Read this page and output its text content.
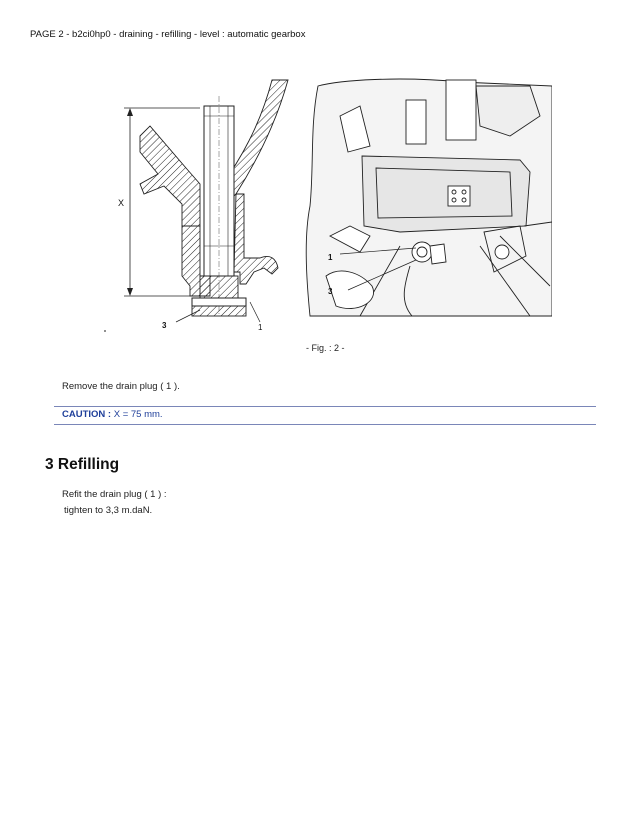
PAGE 2 - b2ci0hp0 - draining - refilling - level : automatic gearbox
X
3	1
1
3
- Fig. : 2 -
Remove the drain plug ( 1 ).
CAUTION : X = 75 mm.
3 Refilling
Refit the drain plug ( 1 ) :
tighten to 3,3 m.daN.
